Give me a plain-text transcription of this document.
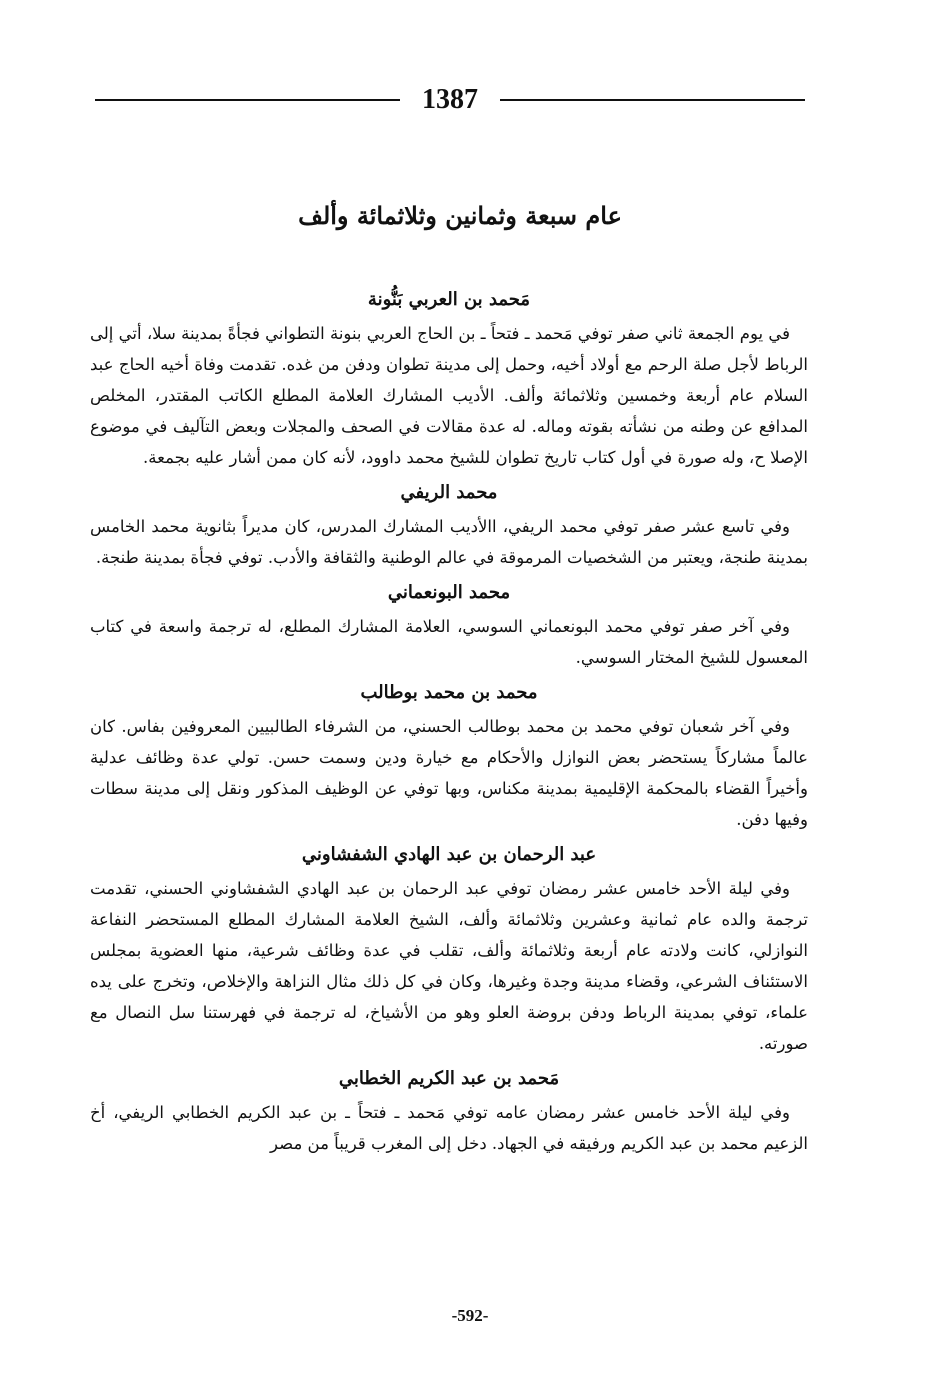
1387
عام سبعة وثمانين وثلاثمائة وألف

مَحمد بن العربي بَنُّونة

في يوم الجمعة ثاني صفر توفي مَحمد ـ فتحاً ـ بن الحاج العربي بنونة التطواني فجأةً بمدينة سلا، أتي إلى الرباط لأجل صلة الرحم مع أولاد أخيه، وحمل إلى مدينة تطوان ودفن من غده. تقدمت وفاة أخيه الحاج عبد السلام عام أربعة وخمسين وثلاثمائة وألف. الأديب المشارك العلامة المطلع الكاتب المقتدر، المخلص المدافع عن وطنه من نشأته بقوته وماله. له عدة مقالات في الصحف والمجلات وبعض التآليف في موضوع الإصلا ح، وله صورة في أول كتاب تاريخ تطوان للشيخ محمد داوود، لأنه كان ممن أشار عليه بجمعة.

محمد الريفي

وفي تاسع عشر صفر توفي محمد الريفي، االأديب المشارك المدرس، كان مديراً بثانوية محمد الخامس بمدينة طنجة، ويعتبر من الشخصيات المرموقة في عالم الوطنية والثقافة والأدب. توفي فجأة بمدينة طنجة.

محمد البونعماني

وفي آخر صفر توفي محمد البونعماني السوسي، العلامة المشارك المطلع، له ترجمة واسعة في كتاب المعسول للشيخ المختار السوسي.

محمد بن محمد بوطالب

وفي آخر شعبان توفي محمد بن محمد بوطالب الحسني، من الشرفاء الطالبيين المعروفين بفاس. كان عالماً مشاركاً يستحضر بعض النوازل والأحكام مع خيارة ودين وسمت حسن. تولي عدة وظائف عدلية وأخيراً القضاء بالمحكمة الإقليمية بمدينة مكناس، وبها توفي عن الوظيف المذكور ونقل إلى مدينة سطات وفيها دفن.

عبد الرحمان بن عبد الهادي الشفشاوني

وفي ليلة الأحد خامس عشر رمضان توفي عبد الرحمان بن عبد الهادي الشفشاوني الحسني، تقدمت ترجمة والده عام ثمانية وعشرين وثلاثمائة وألف، الشيخ العلامة المشارك المطلع المستحضر النفاعة النوازلي، كانت ولادته عام أربعة وثلاثمائة وألف، تقلب في عدة وظائف شرعية، منها العضوية بمجلس الاستئناف الشرعي، وقضاء مدينة وجدة وغيرها، وكان في كل ذلك مثال النزاهة والإخلاص، وتخرج على يده علماء، توفي بمدينة الرباط ودفن بروضة العلو وهو من الأشياخ، له ترجمة في فهرستنا سل النصال مع صورته.

مَحمد بن عبد الكريم الخطابي

وفي ليلة الأحد خامس عشر رمضان عامه توفي مَحمد ـ فتحاً ـ بن عبد الكريم الخطابي الريفي، أخ الزعيم محمد بن عبد الكريم ورفيقه في الجهاد. دخل إلى المغرب قريباً من مصر

-592-
